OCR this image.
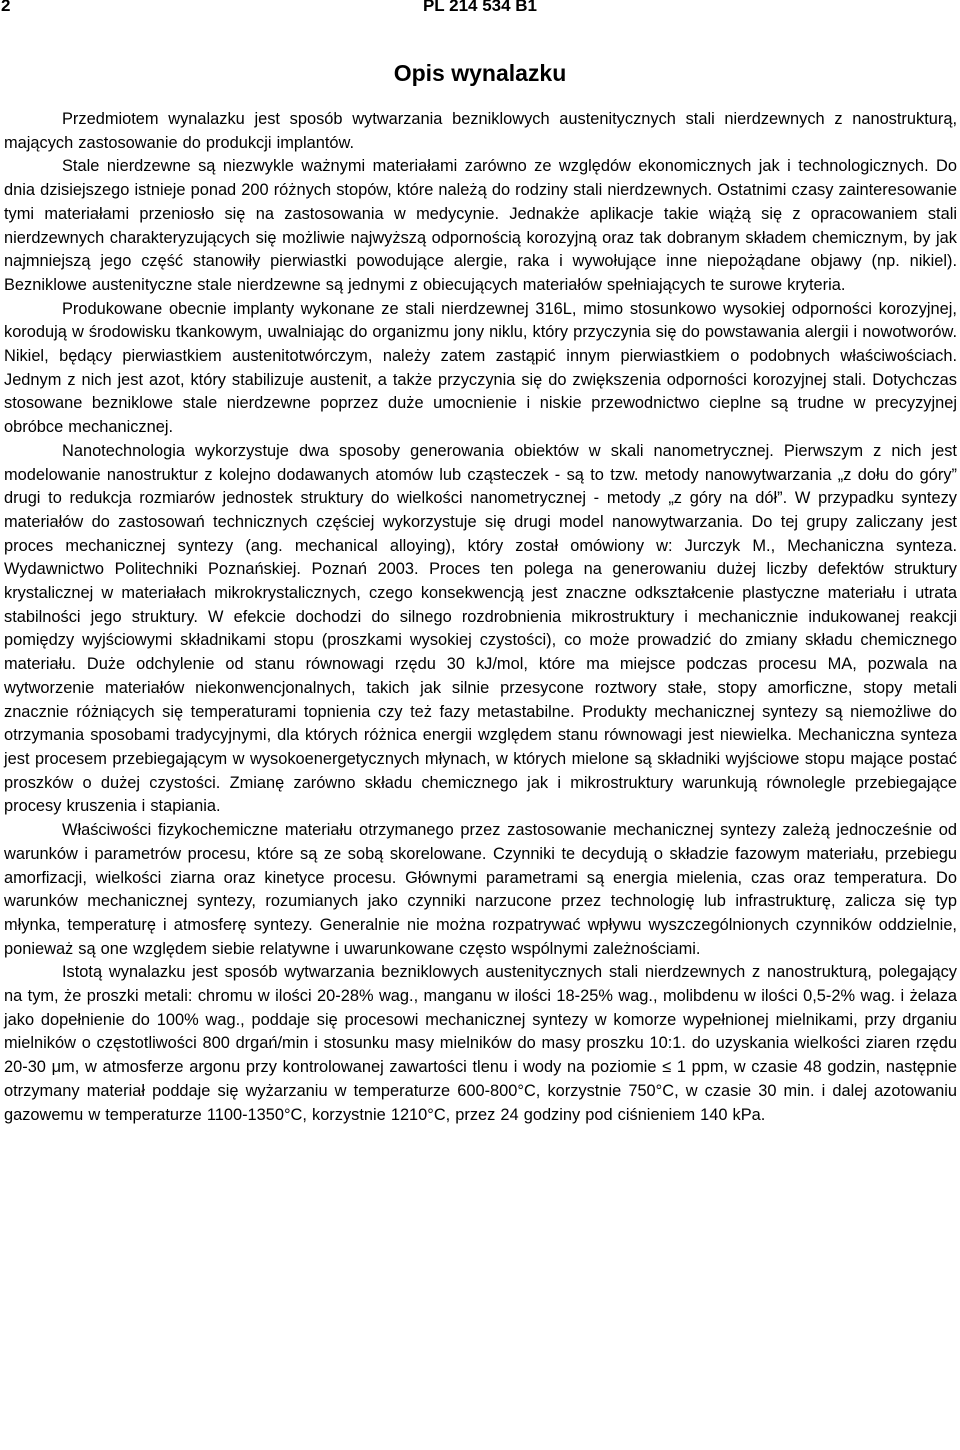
2	PL 214 534 B1
Opis wynalazku

Przedmiotem wynalazku jest sposób wytwarzania bezniklowych austenitycznych stali nierdzewnych z nanostrukturą, mających zastosowanie do produkcji implantów.

Stale nierdzewne są niezwykle ważnymi materiałami zarówno ze względów ekonomicznych jak i technologicznych. Do dnia dzisiejszego istnieje ponad 200 różnych stopów, które należą do rodziny stali nierdzewnych. Ostatnimi czasy zainteresowanie tymi materiałami przeniosło się na zastosowania w medycynie. Jednakże aplikacje takie wiążą się z opracowaniem stali nierdzewnych charakteryzujących się możliwie najwyższą odpornością korozyjną oraz tak dobranym składem chemicznym, by jak najmniejszą jego część stanowiły pierwiastki powodujące alergie, raka i wywołujące inne niepożądane objawy (np. nikiel). Bezniklowe austenityczne stale nierdzewne są jednymi z obiecujących materiałów spełniających te surowe kryteria.

Produkowane obecnie implanty wykonane ze stali nierdzewnej 316L, mimo stosunkowo wysokiej odporności korozyjnej, korodują w środowisku tkankowym, uwalniając do organizmu jony niklu, który przyczynia się do powstawania alergii i nowotworów. Nikiel, będący pierwiastkiem austenitotwórczym, należy zatem zastąpić innym pierwiastkiem o podobnych właściwościach. Jednym z nich jest azot, który stabilizuje austenit, a także przyczynia się do zwiększenia odporności korozyjnej stali. Dotychczas stosowane bezniklowe stale nierdzewne poprzez duże umocnienie i niskie przewodnictwo cieplne są trudne w precyzyjnej obróbce mechanicznej.

Nanotechnologia wykorzystuje dwa sposoby generowania obiektów w skali nanometrycznej. Pierwszym z nich jest modelowanie nanostruktur z kolejno dodawanych atomów lub cząsteczek - są to tzw. metody nanowytwarzania „z dołu do góry” drugi to redukcja rozmiarów jednostek struktury do wielkości nanometrycznej - metody „z góry na dół”. W przypadku syntezy materiałów do zastosowań technicznych częściej wykorzystuje się drugi model nanowytwarzania. Do tej grupy zaliczany jest proces mechanicznej syntezy (ang. mechanical alloying), który został omówiony w: Jurczyk M., Mechaniczna synteza. Wydawnictwo Politechniki Poznańskiej. Poznań 2003. Proces ten polega na generowaniu dużej liczby defektów struktury krystalicznej w materiałach mikrokrystalicznych, czego konsekwencją jest znaczne odkształcenie plastyczne materiału i utrata stabilności jego struktury. W efekcie dochodzi do silnego rozdrobnienia mikrostruktury i mechanicznie indukowanej reakcji pomiędzy wyjściowymi składnikami stopu (proszkami wysokiej czystości), co może prowadzić do zmiany składu chemicznego materiału. Duże odchylenie od stanu równowagi rzędu 30 kJ/mol, które ma miejsce podczas procesu MA, pozwala na wytworzenie materiałów niekonwencjonalnych, takich jak silnie przesycone roztwory stałe, stopy amorficzne, stopy metali znacznie różniących się temperaturami topnienia czy też fazy metastabilne. Produkty mechanicznej syntezy są niemożliwe do otrzymania sposobami tradycyjnymi, dla których różnica energii względem stanu równowagi jest niewielka. Mechaniczna synteza jest procesem przebiegającym w wysokoenergetycznych młynach, w których mielone są składniki wyjściowe stopu mające postać proszków o dużej czystości. Zmianę zarówno składu chemicznego jak i mikrostruktury warunkują równolegle przebiegające procesy kruszenia i stapiania.

Właściwości fizykochemiczne materiału otrzymanego przez zastosowanie mechanicznej syntezy zależą jednocześnie od warunków i parametrów procesu, które są ze sobą skorelowane. Czynniki te decydują o składzie fazowym materiału, przebiegu amorfizacji, wielkości ziarna oraz kinetyce procesu. Głównymi parametrami są energia mielenia, czas oraz temperatura. Do warunków mechanicznej syntezy, rozumianych jako czynniki narzucone przez technologię lub infrastrukturę, zalicza się typ młynka, temperaturę i atmosferę syntezy. Generalnie nie można rozpatrywać wpływu wyszczególnionych czynników oddzielnie, ponieważ są one względem siebie relatywne i uwarunkowane często wspólnymi zależnościami.

Istotą wynalazku jest sposób wytwarzania bezniklowych austenitycznych stali nierdzewnych z nanostrukturą, polegający na tym, że proszki metali: chromu w ilości 20-28% wag., manganu w ilości 18-25% wag., molibdenu w ilości 0,5-2% wag. i żelaza jako dopełnienie do 100% wag., poddaje się procesowi mechanicznej syntezy w komorze wypełnionej mielnikami, przy drganiu mielników o częstotliwości 800 drgań/min i stosunku masy mielników do masy proszku 10:1. do uzyskania wielkości ziaren rzędu 20-30 μm, w atmosferze argonu przy kontrolowanej zawartości tlenu i wody na poziomie ≤ 1 ppm, w czasie 48 godzin, następnie otrzymany materiał poddaje się wyżarzaniu w temperaturze 600-800°C, korzystnie 750°C, w czasie 30 min. i dalej azotowaniu gazowemu w temperaturze 1100-1350°C, korzystnie 1210°C, przez 24 godziny pod ciśnieniem 140 kPa.
